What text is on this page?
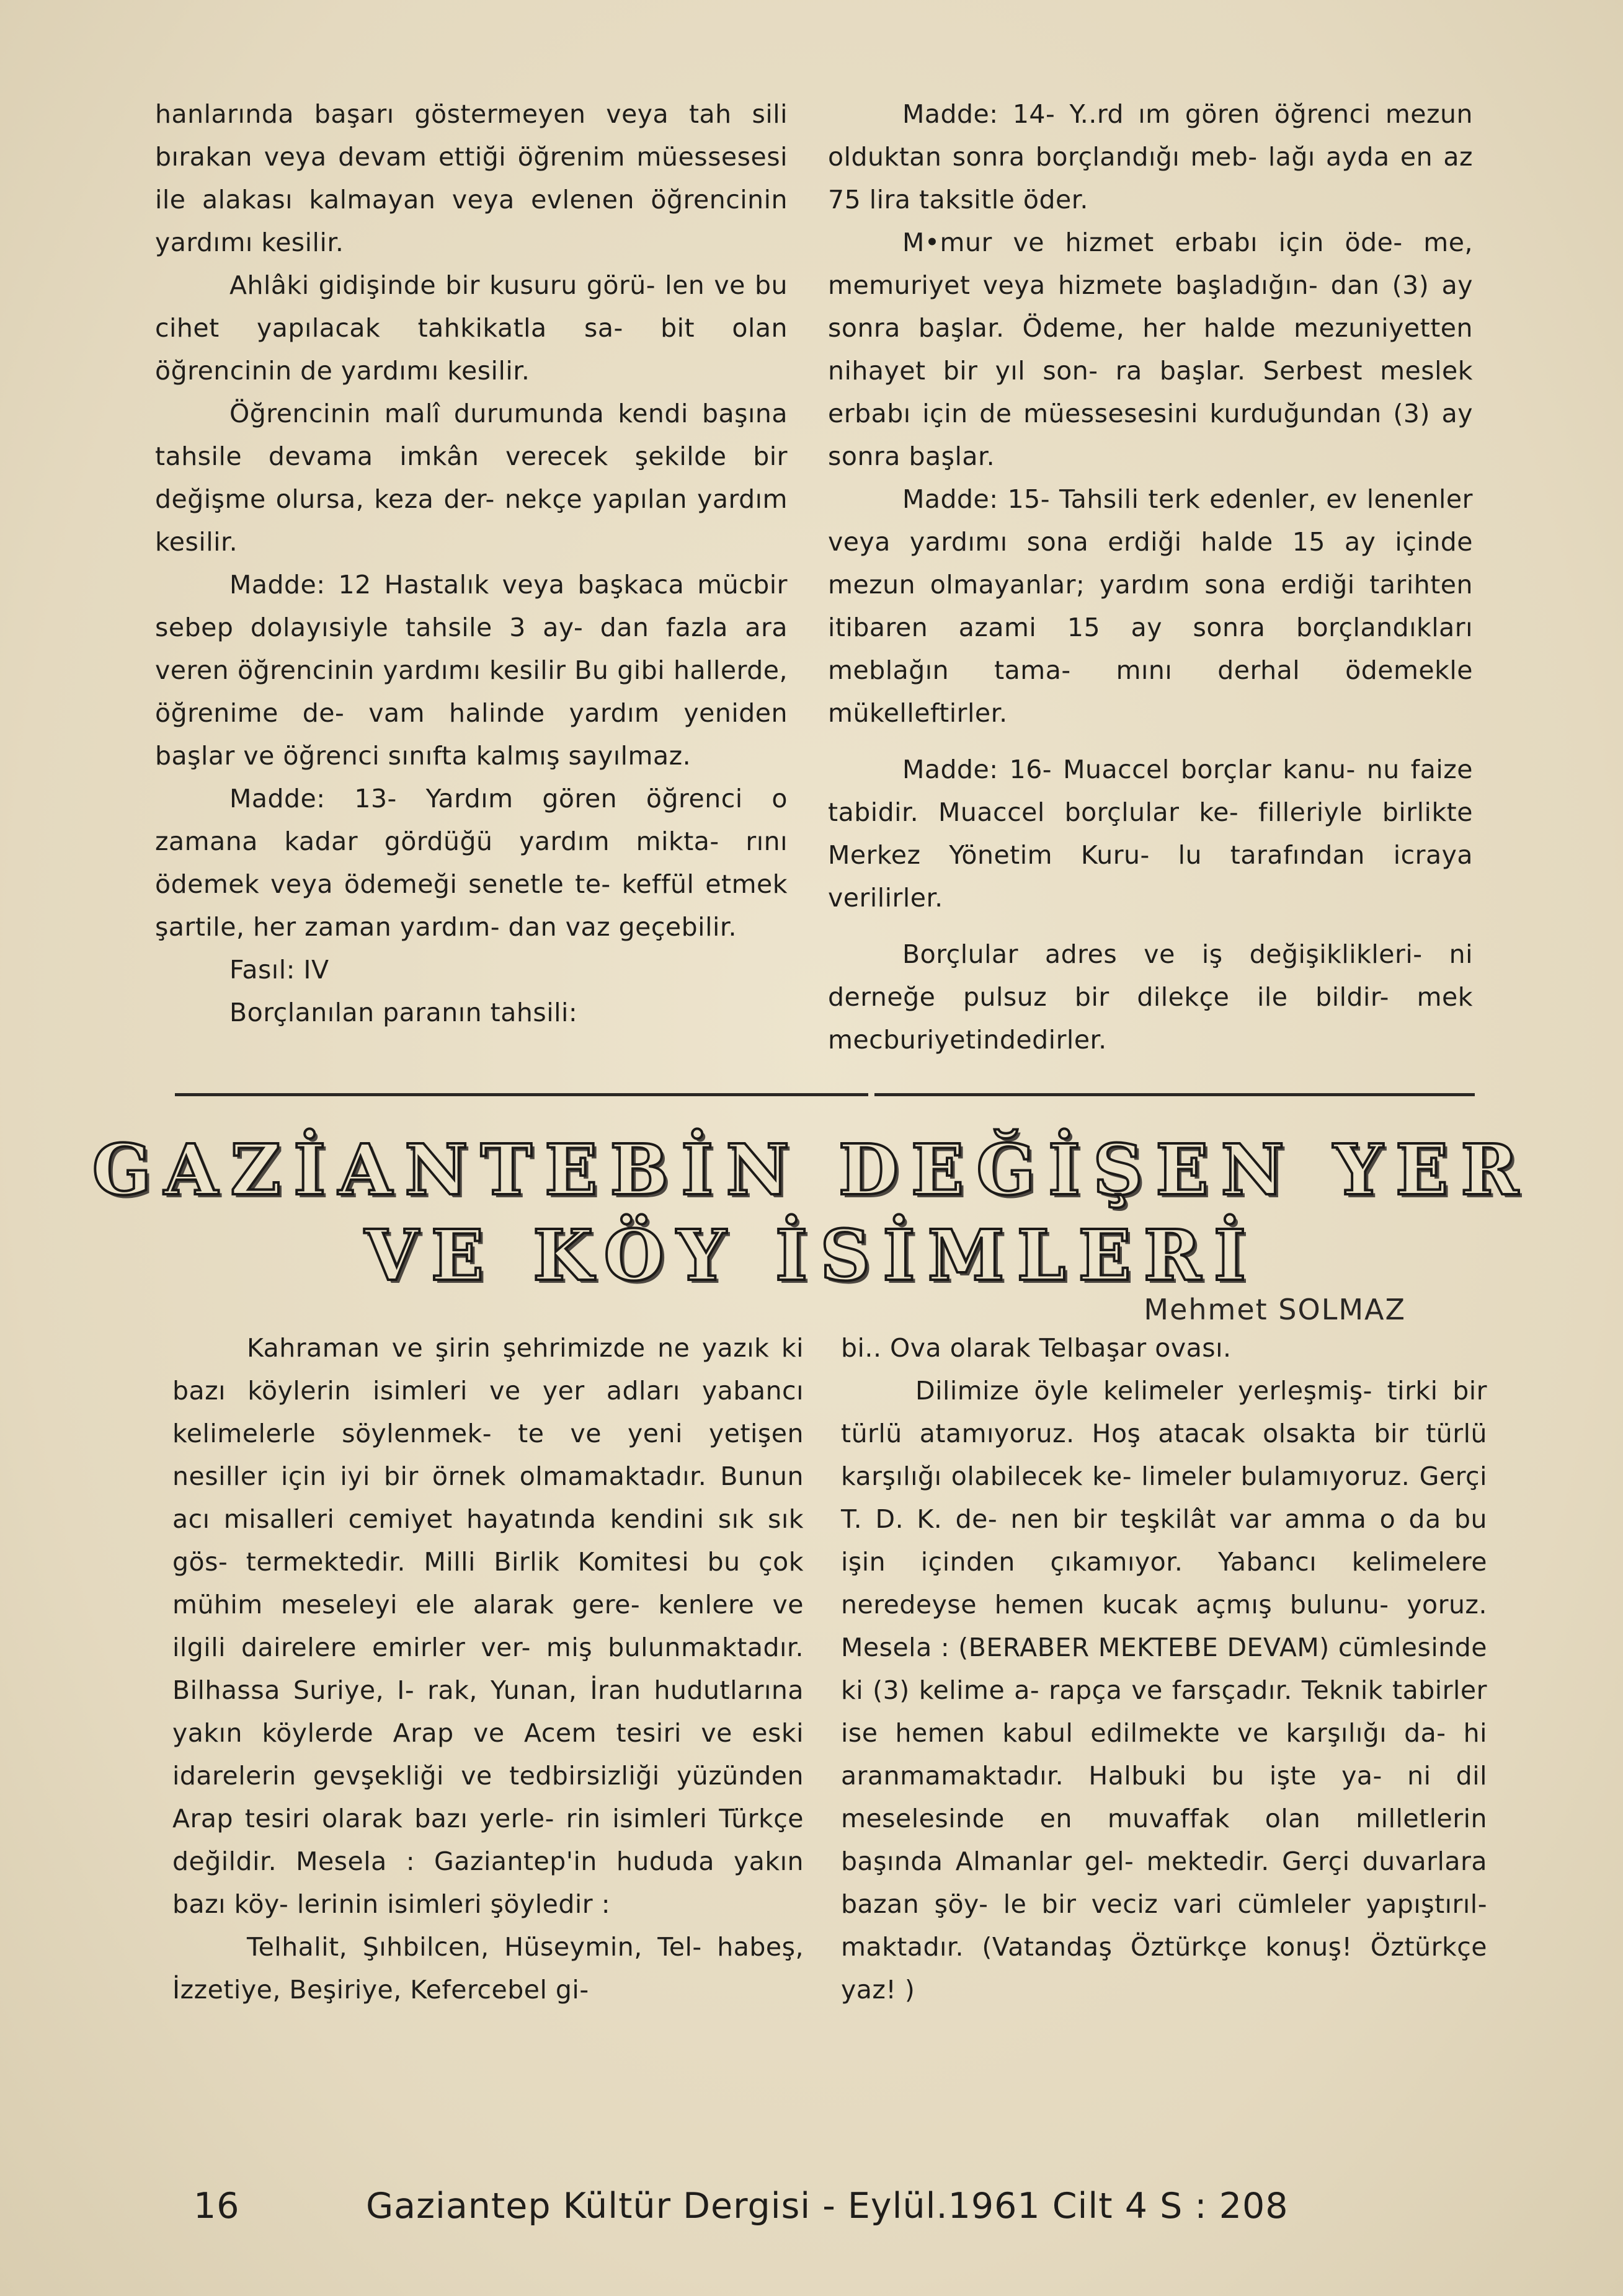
hanlarında başarı göstermeyen veya tah sili bırakan veya devam ettiği öğrenim müessesesi ile alakası kalmayan veya evlenen öğrencinin yardımı kesilir.

Ahlâki gidişinde bir kusuru görü- len ve bu cihet yapılacak tahkikatla sa- bit olan öğrencinin de yardımı kesilir.

Öğrencinin malî durumunda kendi başına tahsile devama imkân verecek şekilde bir değişme olursa, keza der- nekçe yapılan yardım kesilir.

Madde: 12 Hastalık veya başkaca mücbir sebep dolayısiyle tahsile 3 ay- dan fazla ara veren öğrencinin yardımı kesilir Bu gibi hallerde, öğrenime de- vam halinde yardım yeniden başlar ve öğrenci sınıfta kalmış sayılmaz.

Madde: 13- Yardım gören öğrenci o zamana kadar gördüğü yardım mikta- rını ödemek veya ödemeği senetle te- keffül etmek şartile, her zaman yardım- dan vaz geçebilir.

Fasıl: IV

Borçlanılan paranın tahsili:

Madde: 14- Y..rd ım gören öğrenci mezun olduktan sonra borçlandığı meb- lağı ayda en az 75 lira taksitle öder.

M•mur ve hizmet erbabı için öde- me, memuriyet veya hizmete başladığın- dan (3) ay sonra başlar. Ödeme, her halde mezuniyetten nihayet bir yıl son- ra başlar. Serbest meslek erbabı için de müessesesini kurduğundan (3) ay sonra başlar.

Madde: 15- Tahsili terk edenler, ev lenenler veya yardımı sona erdiği halde 15 ay içinde mezun olmayanlar; yardım sona erdiği tarihten itibaren azami 15 ay sonra borçlandıkları meblağın tama- mını derhal ödemekle mükelleftirler.

Madde: 16- Muaccel borçlar kanu- nu faize tabidir. Muaccel borçlular ke- filleriyle birlikte Merkez Yönetim Kuru- lu tarafından icraya verilirler.

Borçlular adres ve iş değişiklikleri- ni derneğe pulsuz bir dilekçe ile bildir- mek mecburiyetindedirler.

GAZİANTEBİN DEĞİŞEN YER
VE KÖY İSİMLERİ
Mehmet SOLMAZ

Kahraman ve şirin şehrimizde ne yazık ki bazı köylerin isimleri ve yer adları yabancı kelimelerle söylenmek- te ve yeni yetişen nesiller için iyi bir örnek olmamaktadır. Bunun acı misalleri cemiyet hayatında kendini sık sık gös- termektedir. Milli Birlik Komitesi bu çok mühim meseleyi ele alarak gere- kenlere ve ilgili dairelere emirler ver- miş bulunmaktadır. Bilhassa Suriye, I- rak, Yunan, İran hudutlarına yakın köylerde Arap ve Acem tesiri ve eski idarelerin gevşekliği ve tedbirsizliği yüzünden Arap tesiri olarak bazı yerle- rin isimleri Türkçe değildir. Mesela : Gaziantep'in hududa yakın bazı köy- lerinin isimleri şöyledir :

Telhalit, Şıhbilcen, Hüseymin, Tel- habeş, İzzetiye, Beşiriye, Kefercebel gi-

bi.. Ova olarak Telbaşar ovası.

Dilimize öyle kelimeler yerleşmiş- tirki bir türlü atamıyoruz. Hoş atacak olsakta bir türlü karşılığı olabilecek ke- limeler bulamıyoruz. Gerçi T. D. K. de- nen bir teşkilât var amma o da bu işin içinden çıkamıyor. Yabancı kelimelere neredeyse hemen kucak açmış bulunu- yoruz. Mesela : (BERABER MEKTEBE DEVAM) cümlesinde ki (3) kelime a- rapça ve farsçadır. Teknik tabirler ise hemen kabul edilmekte ve karşılığı da- hi aranmamaktadır. Halbuki bu işte ya- ni dil meselesinde en muvaffak olan milletlerin başında Almanlar gel- mektedir. Gerçi duvarlara bazan şöy- le bir veciz vari cümleler yapıştırıl- maktadır. (Vatandaş Öztürkçe konuş! Öztürkçe yaz! )

16	Gaziantep Kültür Dergisi - Eylül.1961 Cilt 4 S : 208
